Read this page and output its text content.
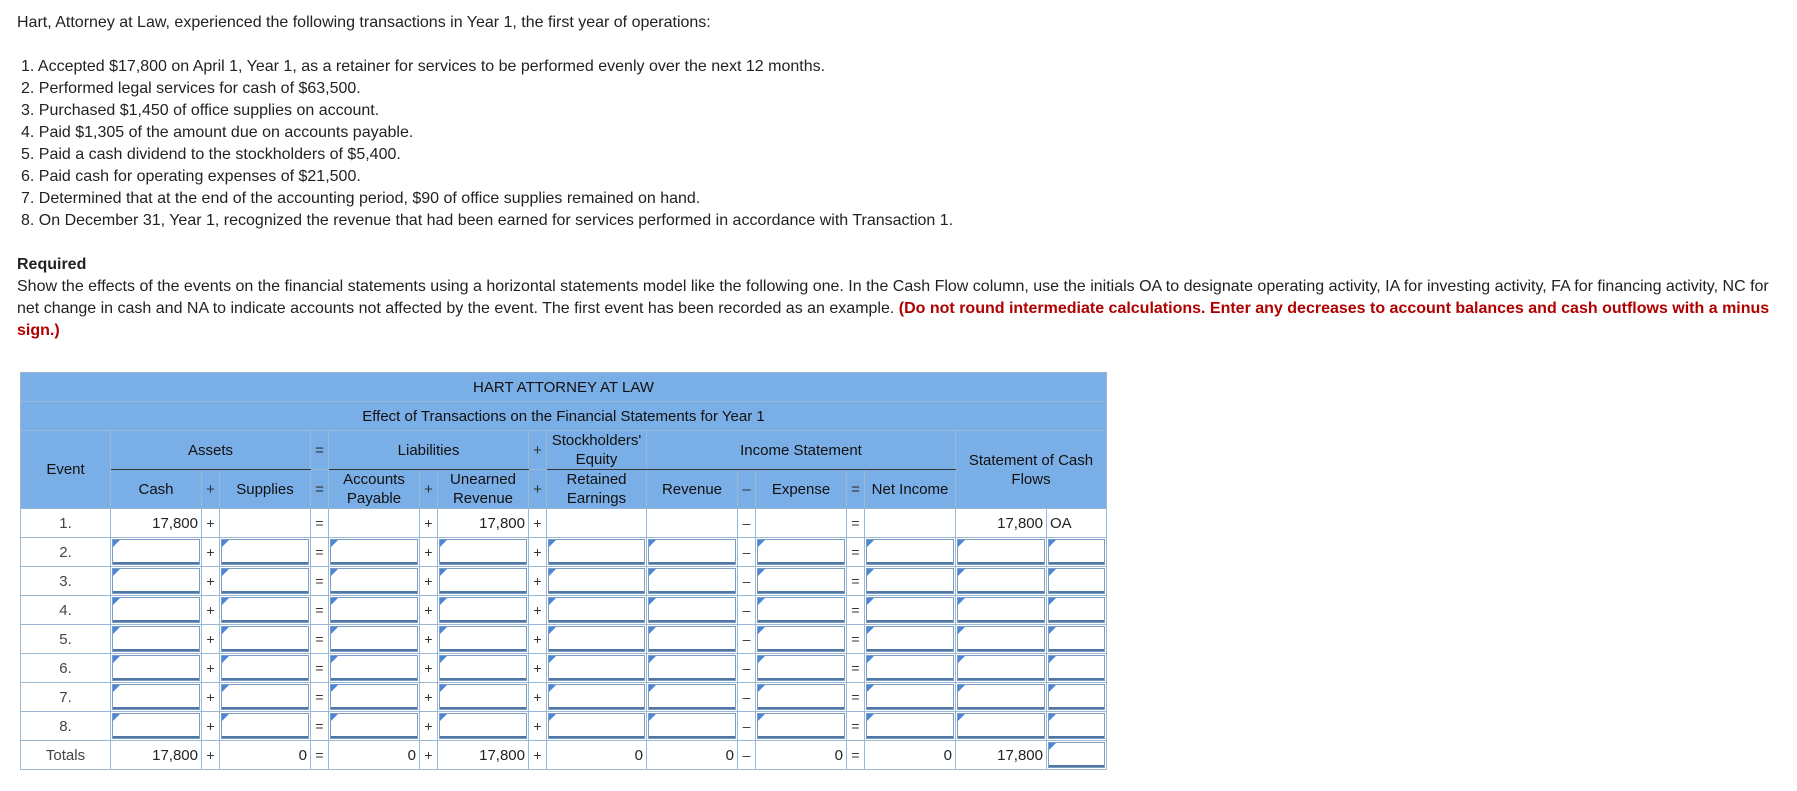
Hart, Attorney at Law, experienced the following transactions in Year 1, the first year of operations:

1. Accepted $17,800 on April 1, Year 1, as a retainer for services to be performed evenly over the next 12 months.
2. Performed legal services for cash of $63,500.
3. Purchased $1,450 of office supplies on account.
4. Paid $1,305 of the amount due on accounts payable.
5. Paid a cash dividend to the stockholders of $5,400.
6. Paid cash for operating expenses of $21,500.
7. Determined that at the end of the accounting period, $90 of office supplies remained on hand.
8. On December 31, Year 1, recognized the revenue that had been earned for services performed in accordance with Transaction 1.

Required

Show the effects of the events on the financial statements using a horizontal statements model like the following one. In the Cash Flow column, use the initials OA to designate operating activity, IA for investing activity, FA for financing activity, NC for net change in cash and NA to indicate accounts not affected by the event. The first event has been recorded as an example. (Do not round intermediate calculations. Enter any decreases to account balances and cash outflows with a minus sign.)

HART ATTORNEY AT LAW																
Effect of Transactions on the Financial Statements for Year 1																
Event	Assets			=	Liabilities			+	Stockholders' Equity	Income Statement					Statement of Cash Flows	
	Cash	+	Supplies	=	Accounts Payable	+	Unearned Revenue	+	Retained Earnings	Revenue	–	Expense	=	Net Income		
1.	17,800	+		=		+	17,800	+			–		=		17,800	OA
2.		+		=		+		+			–		=	

3.		+		=		+		+			–		=	

4.		+		=		+		+			–		=	

5.		+		=		+		+			–		=	

6.		+		=		+		+			–		=	

7.		+		=		+		+			–		=	

8.		+		=		+		+			–		=	

Totals	17,800	+	0	=	0	+	17,800	+	0	0	–	0	=	0	17,800	
